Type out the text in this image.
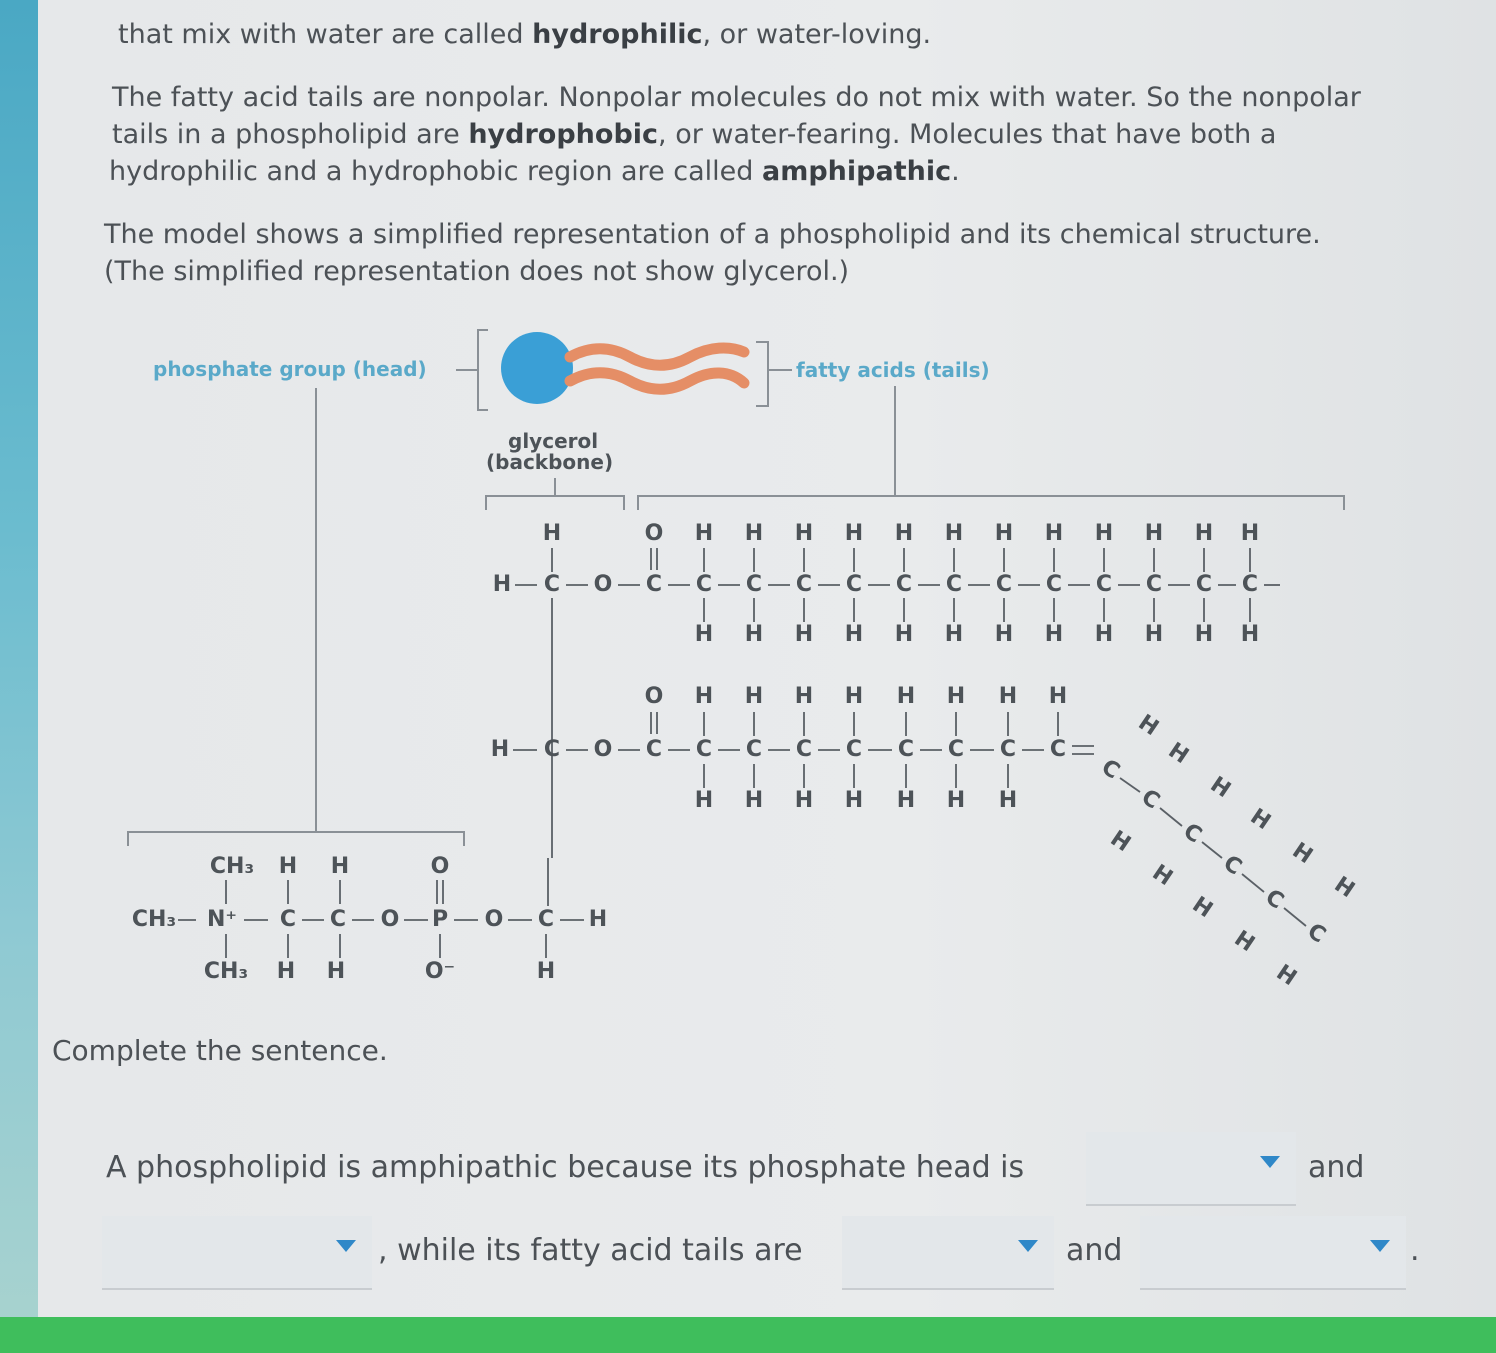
that mix with water are called hydrophilic, or water-loving.

The fatty acid tails are nonpolar. Nonpolar molecules do not mix with water. So the nonpolar
tails in a phospholipid are hydrophobic, or water-fearing. Molecules that have both a
hydrophilic and a hydrophobic region are called amphipathic.
The model shows a simplified representation of a phospholipid and its chemical structure.
(The simplified representation does not show glycerol.)
phosphate group (head)	fatty acids (tails)
glycerol
(backbone)
H C O C
H	O
C
H
H
C
H
H
C
H
H
C
H
H
C
H
H
C
H
H
C
H
H
C
H
H
C
H
H
C
H
H
C
H
H
C
H
H
H C O C
O
C
H
H
C
H
H
C
H
H
C
H
H
C
H
H
C
H
H
C
H
H
C
H
C
C
H
H C
H
H C
H
H C
H
H C
H
H
H
CH₃ N⁺
CH₃
CH₃
C
H
H
C
H
H
O P
O
O⁻
O C H
H

Complete the sentence.

A phospholipid is amphipathic because its phosphate head is	and
, while its fatty acid tails are	and	.
